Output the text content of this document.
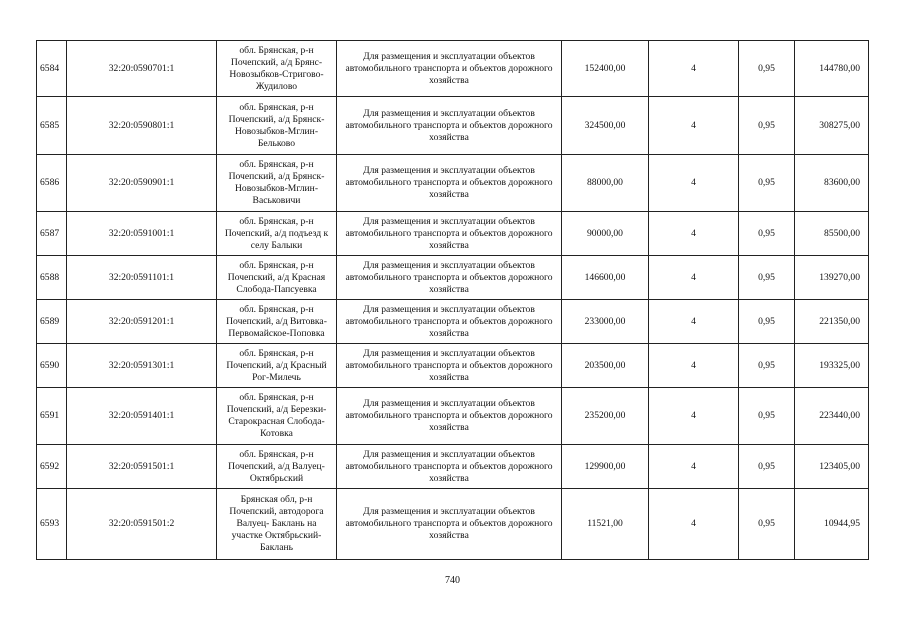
6584	32:20:0590701:1	обл. Брянская, р-н Почепский, а/д Брянс-Новозыбков-Стригово-Жудилово	Для размещения и эксплуатации объектов автомобильного транспорта и объектов дорожного хозяйства	152400,00	4	0,95	144780,00
6585	32:20:0590801:1	обл. Брянская, р-н Почепский, а/д Брянск-Новозыбков-Мглин-Бельково	Для размещения и эксплуатации объектов автомобильного транспорта и объектов дорожного хозяйства	324500,00	4	0,95	308275,00
6586	32:20:0590901:1	обл. Брянская, р-н Почепский, а/д Брянск-Новозыбков-Мглин-Васьковичи	Для размещения и эксплуатации объектов автомобильного транспорта и объектов дорожного хозяйства	88000,00	4	0,95	83600,00
6587	32:20:0591001:1	обл. Брянская, р-н Почепский, а/д подъезд к селу Балыки	Для размещения и эксплуатации объектов автомобильного транспорта и объектов дорожного хозяйства	90000,00	4	0,95	85500,00
6588	32:20:0591101:1	обл. Брянская, р-н Почепский, а/д Красная Слобода-Папсуевка	Для размещения и эксплуатации объектов автомобильного транспорта и объектов дорожного хозяйства	146600,00	4	0,95	139270,00
6589	32:20:0591201:1	обл. Брянская, р-н Почепский, а/д Витовка-Первомайское-Поповка	Для размещения и эксплуатации объектов автомобильного транспорта и объектов дорожного хозяйства	233000,00	4	0,95	221350,00
6590	32:20:0591301:1	обл. Брянская, р-н Почепский, а/д Красный Рог-Милечь	Для размещения и эксплуатации объектов автомобильного транспорта и объектов дорожного хозяйства	203500,00	4	0,95	193325,00
6591	32:20:0591401:1	обл. Брянская, р-н Почепский, а/д Березки-Старокрасная Слобода-Котовка	Для размещения и эксплуатации объектов автомобильного транспорта и объектов дорожного хозяйства	235200,00	4	0,95	223440,00
6592	32:20:0591501:1	обл. Брянская, р-н Почепский, а/д Валуец-Октябрьский	Для размещения и эксплуатации объектов автомобильного транспорта и объектов дорожного хозяйства	129900,00	4	0,95	123405,00
6593	32:20:0591501:2	Брянская обл, р-н Почепский, автодорога Валуец- Баклань на участке Октябрьский-Баклань	Для размещения и эксплуатации объектов автомобильного транспорта и объектов дорожного хозяйства	11521,00	4	0,95	10944,95
740
